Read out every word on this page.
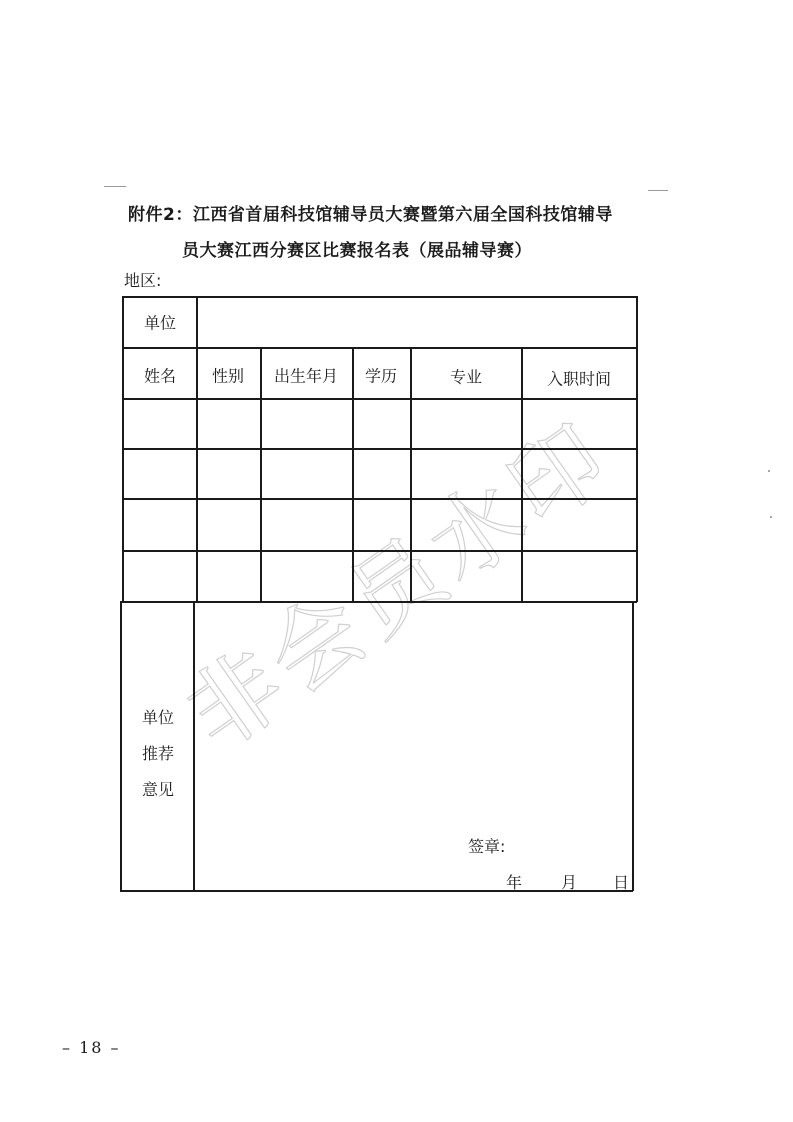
非会员水印
附件2：江西省首届科技馆辅导员大赛暨第六届全国科技馆辅导
员大赛江西分赛区比赛报名表（展品辅导赛）
地区:
单位
姓名 性别 出生年月 学历	专业	入职时间
单位
推荐
意见
签章:
年 月 日
– 18 –
